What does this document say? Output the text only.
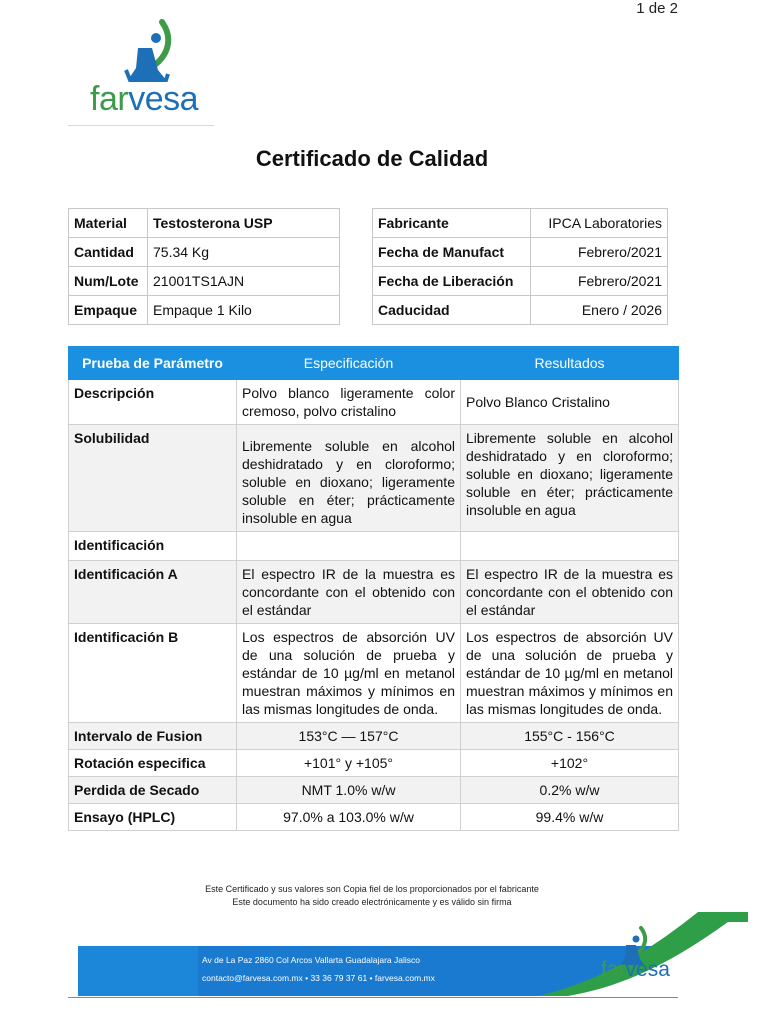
1 de 2
farvesa
Certificado de Calidad
Material	Testosterona USP
Cantidad	75.34 Kg
Num/Lote	21001TS1AJN
Empaque	Empaque 1 Kilo
Fabricante	IPCA Laboratories
Fecha de Manufact	Febrero/2021
Fecha de Liberación	Febrero/2021
Caducidad	Enero / 2026
Prueba de Parámetro	Especificación	Resultados
Descripción	Polvo blanco ligeramente color cremoso, polvo cristalino	Polvo Blanco Cristalino
Solubilidad	Libremente soluble en alcohol deshidratado y en cloroformo; soluble en dioxano; ligeramente soluble en éter; prácticamente insoluble en agua	Libremente soluble en alcohol deshidratado y en cloroformo; soluble en dioxano; ligeramente soluble en éter; prácticamente insoluble en agua
Identificación		
Identificación A	El espectro IR de la muestra es concordante con el obtenido con el estándar	El espectro IR de la muestra es concordante con el obtenido con el estándar
Identificación B	Los espectros de absorción UV de una solución de prueba y estándar de 10 µg/ml en metanol muestran máximos y mínimos en las mismas longitudes de onda.	Los espectros de absorción UV de una solución de prueba y estándar de 10 µg/ml en metanol muestran máximos y mínimos en las mismas longitudes de onda.
Intervalo de Fusion	153°C — 157°C	155°C - 156°C
Rotación especifica	+101° y +105°	+102°
Perdida de Secado	NMT 1.0% w/w	0.2% w/w
Ensayo (HPLC)	97.0% a 103.0% w/w	99.4% w/w
Este Certificado y sus valores son Copia fiel de los proporcionados por el fabricante
Este documento ha sido creado electrónicamente y es válido sin firma
Av de La Paz 2860 Col Arcos Vallarta Guadalajara Jalisco
contacto@farvesa.com.mx • 33 36 79 37 61 • farvesa.com.mx	farvesa
